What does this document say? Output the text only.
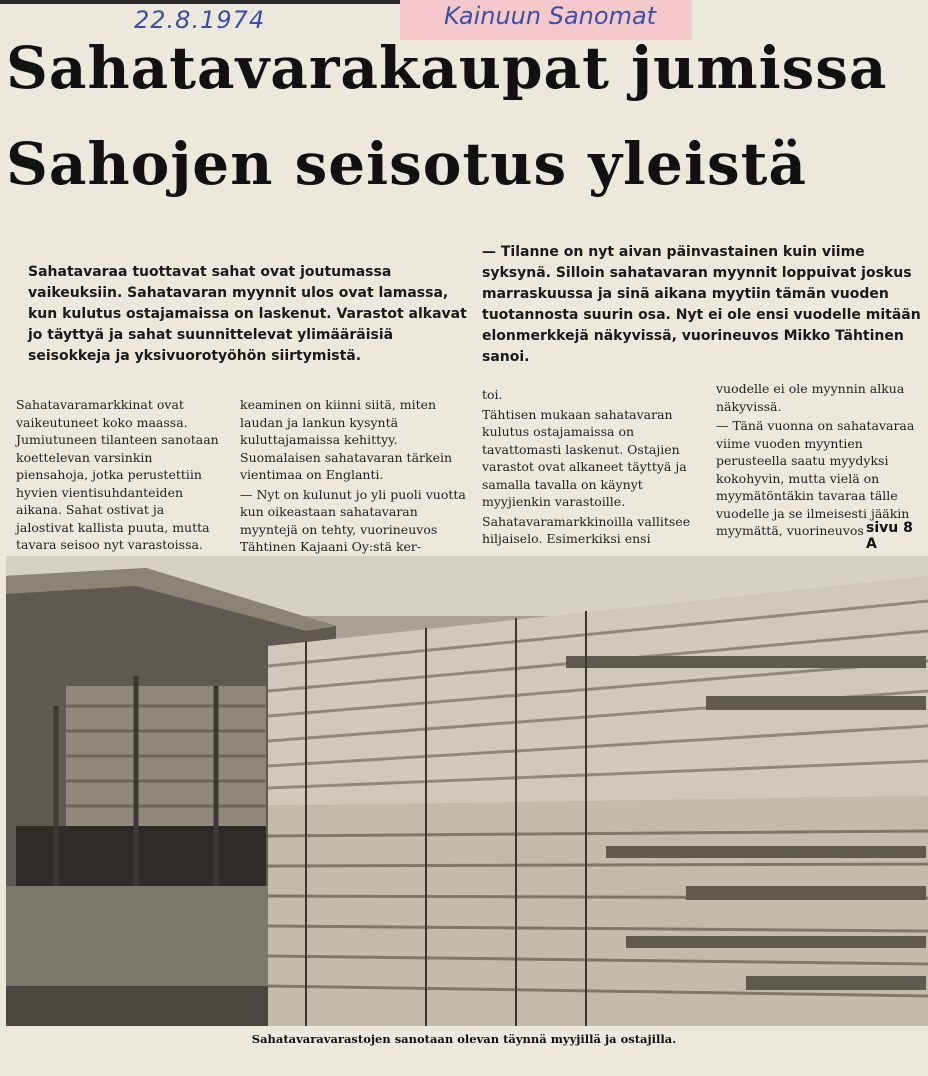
22.8.1974	Kainuun Sanomat
Sahatavarakaupat jumissa
Sahojen seisotus yleistä

Sahatavaraa tuottavat sahat ovat joutumassa vaikeuksiin. Sahatavaran myynnit ulos ovat lamassa, kun kulutus ostajamaissa on laskenut. Varastot alkavat jo täyttyä ja sahat suunnittelevat ylimääräisiä seisokkeja ja yksivuorotyöhön siirtymistä.

— Tilanne on nyt aivan päinvastainen kuin viime syksynä. Silloin sahatavaran myynnit loppuivat joskus marraskuussa ja sinä aikana myytiin tämän vuoden tuotannosta suurin osa. Nyt ei ole ensi vuodelle mitään elonmerkkejä näkyvissä, vuorineuvos Mikko Tähtinen sanoi.

Sahatavaramarkkinat ovat vaikeutuneet koko maassa. Jumiutuneen tilanteen sanotaan koettelevan varsinkin piensahoja, jotka perustettiin hyvien vientisuhdanteiden aikana. Sahat ostivat ja jalostivat kallista puuta, mutta tavara seisoo nyt varastoissa.

keaminen on kiinni siitä, miten laudan ja lankun kysyntä kuluttajamaissa kehittyy. Suomalaisen sahatavaran tärkein vientimaa on Englanti.

— Nyt on kulunut jo yli puoli vuotta kun oikeastaan sahatavaran myyntejä on tehty, vuorineuvos Tähtinen Kajaani Oy:stä ker-

toi.

Tähtisen mukaan sahatavaran kulutus ostajamaissa on tavattomasti laskenut. Ostajien varastot ovat alkaneet täyttyä ja samalla tavalla on käynyt myyjienkin varastoille.

Sahatavaramarkkinoilla vallitsee hiljaiselo. Esimerkiksi ensi

vuodelle ei ole myynnin alkua näkyvissä.

— Tänä vuonna on sahatavaraa viime vuoden myyntien perusteella saatu myydyksi kokohyvin, mutta vielä on myymätöntäkin tavaraa tälle vuodelle ja se ilmeisesti jääkin myymättä, vuorineuvos sivu 8 A
Sahatavaravarastojen sanotaan olevan täynnä myyjillä ja ostajilla.
